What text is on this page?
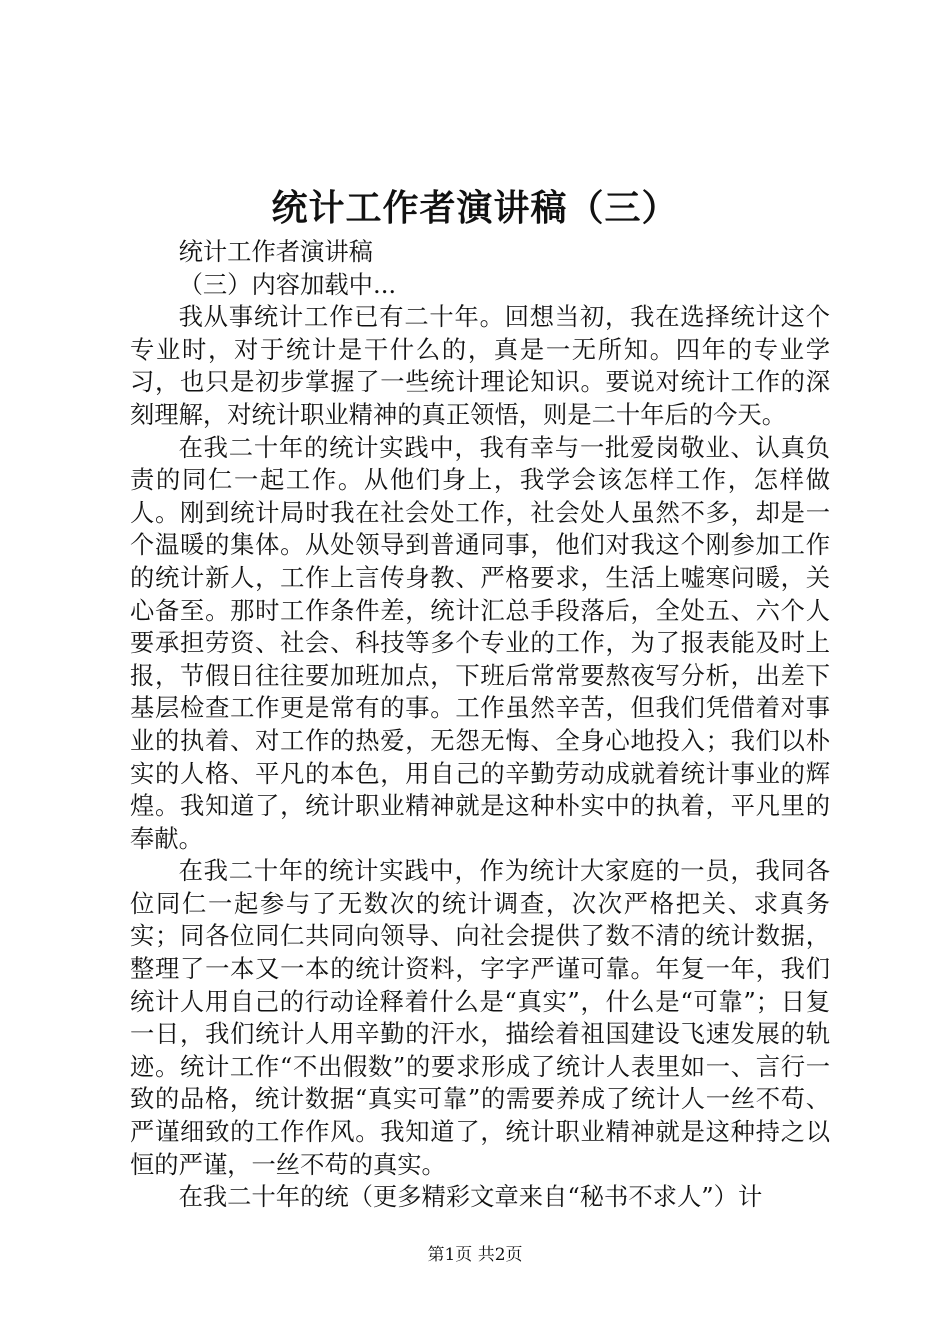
统计工作者演讲稿（三）

统计工作者演讲稿

（三）内容加载中...

我从事统计工作已有二十年。回想当初，我在选择统计这个专业时，对于统计是干什么的，真是一无所知。四年的专业学习，也只是初步掌握了一些统计理论知识。要说对统计工作的深刻理解，对统计职业精神的真正领悟，则是二十年后的今天。

在我二十年的统计实践中，我有幸与一批爱岗敬业、认真负责的同仁一起工作。从他们身上，我学会该怎样工作，怎样做人。刚到统计局时我在社会处工作，社会处人虽然不多，却是一个温暖的集体。从处领导到普通同事，他们对我这个刚参加工作的统计新人，工作上言传身教、严格要求，生活上嘘寒问暖，关心备至。那时工作条件差，统计汇总手段落后，全处五、六个人要承担劳资、社会、科技等多个专业的工作，为了报表能及时上报，节假日往往要加班加点，下班后常常要熬夜写分析，出差下基层检查工作更是常有的事。工作虽然辛苦，但我们凭借着对事业的执着、对工作的热爱，无怨无悔、全身心地投入；我们以朴实的人格、平凡的本色，用自己的辛勤劳动成就着统计事业的辉煌。我知道了，统计职业精神就是这种朴实中的执着，平凡里的奉献。

在我二十年的统计实践中，作为统计大家庭的一员，我同各位同仁一起参与了无数次的统计调查，次次严格把关、求真务实；同各位同仁共同向领导、向社会提供了数不清的统计数据，整理了一本又一本的统计资料，字字严谨可靠。年复一年，我们统计人用自己的行动诠释着什么是“真实”，什么是“可靠”；日复一日，我们统计人用辛勤的汗水，描绘着祖国建设飞速发展的轨迹。统计工作“不出假数”的要求形成了统计人表里如一、言行一致的品格，统计数据“真实可靠”的需要养成了统计人一丝不苟、严谨细致的工作作风。我知道了，统计职业精神就是这种持之以恒的严谨，一丝不苟的真实。

在我二十年的统（更多精彩文章来自“秘书不求人”）计

第1页 共2页
